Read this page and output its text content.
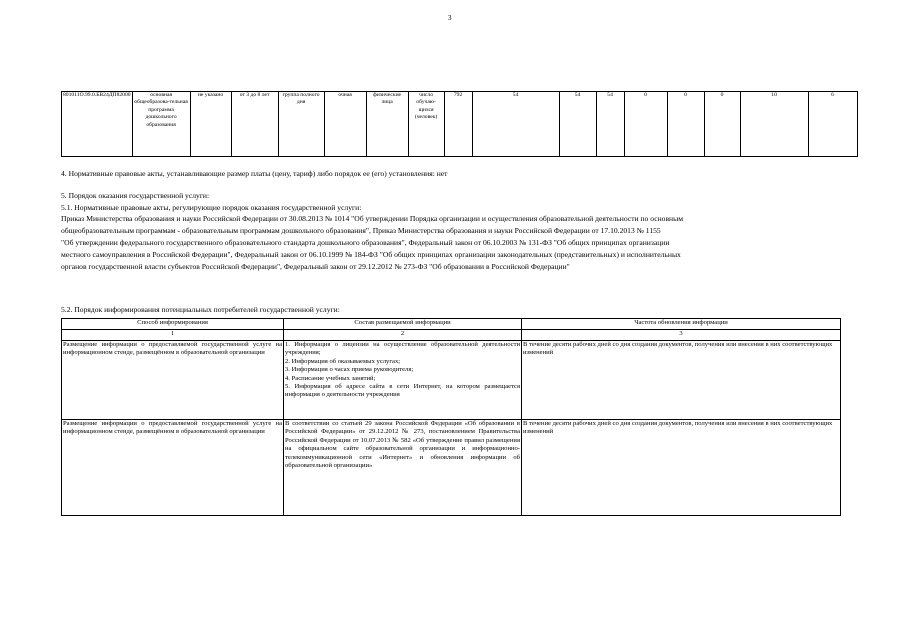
3
801011О.99.0.БВ24ДП82000	основная общеобразова-тельная программа дошкольного образования	не указано	от 3 до 8 лет	группа полного дня	очная	физические лица	число обучаю-щихся (человек)	792	54	54	54	0	0	0	10	6
4. Нормативные правовые акты, устанавливающие размер платы (цену, тариф) либо порядок ее (его) установления: нет
5. Порядок оказания государственной услуги:
5.1. Нормативные правовые акты, регулирующие порядок оказания государственной услуги:
Приказ Министерства образования и науки Российской Федерации от 30.08.2013 № 1014 "Об утверждении Порядка организации и осуществления образовательной деятельности по основным
общеобразовательным программам - образовательным программам дошкольного образования", Приказ Министерства образования и науки Российской Федерации от 17.10.2013 № 1155
"Об утверждении федерального государственного образовательного стандарта дошкольного образования", Федеральный закон от 06.10.2003 № 131-ФЗ "Об общих принципах организации
местного самоуправления в Российской Федерации", Федеральный закон от 06.10.1999 № 184-ФЗ "Об общих принципах организации законодательных (представительных) и исполнительных
органов государственной власти субъектов Российской Федерации", Федеральный закон от 29.12.2012 № 273-ФЗ "Об образовании в Российской Федерации"
5.2. Порядок информирования потенциальных потребителей государственной услуги:
Способ информирования	Состав размещаемой информации	Частота обновления информации
1	2	3
Размещение информации о предоставляемой государственной услуге на информационном стенде, размещённом в образовательной организации	1. Информация о лицензии на осуществление образовательной деятельности учреждения;
2. Информация об оказываемых услугах;
3. Информация о часах приема руководителя;
4. Расписание учебных занятий;
5. Информация об адресе сайта в сети Интернет, на котором размещается информация о деятельности учреждения	В течение десяти рабочих дней со дня создания документов, получения или внесения в них соответствующих изменений
Размещение информации о предоставляемой государственной услуге на информационном стенде, размещённом в образовательной организации	В соответствии со статьей 29 закона Российской Федерации «Об образовании в Российской Федерации» от 29.12.2012 № 273, постановлением Правительства Российской Федерации от 10.07.2013 № 582 «Об утверждение правил размещения на официальном сайте образовательной организации и информационно-телекоммуникационной сети «Интернет» и обновления информации об образовательной организации»	В течение десяти рабочих дней со дня создания документов, получения или внесения в них соответствующих изменений
